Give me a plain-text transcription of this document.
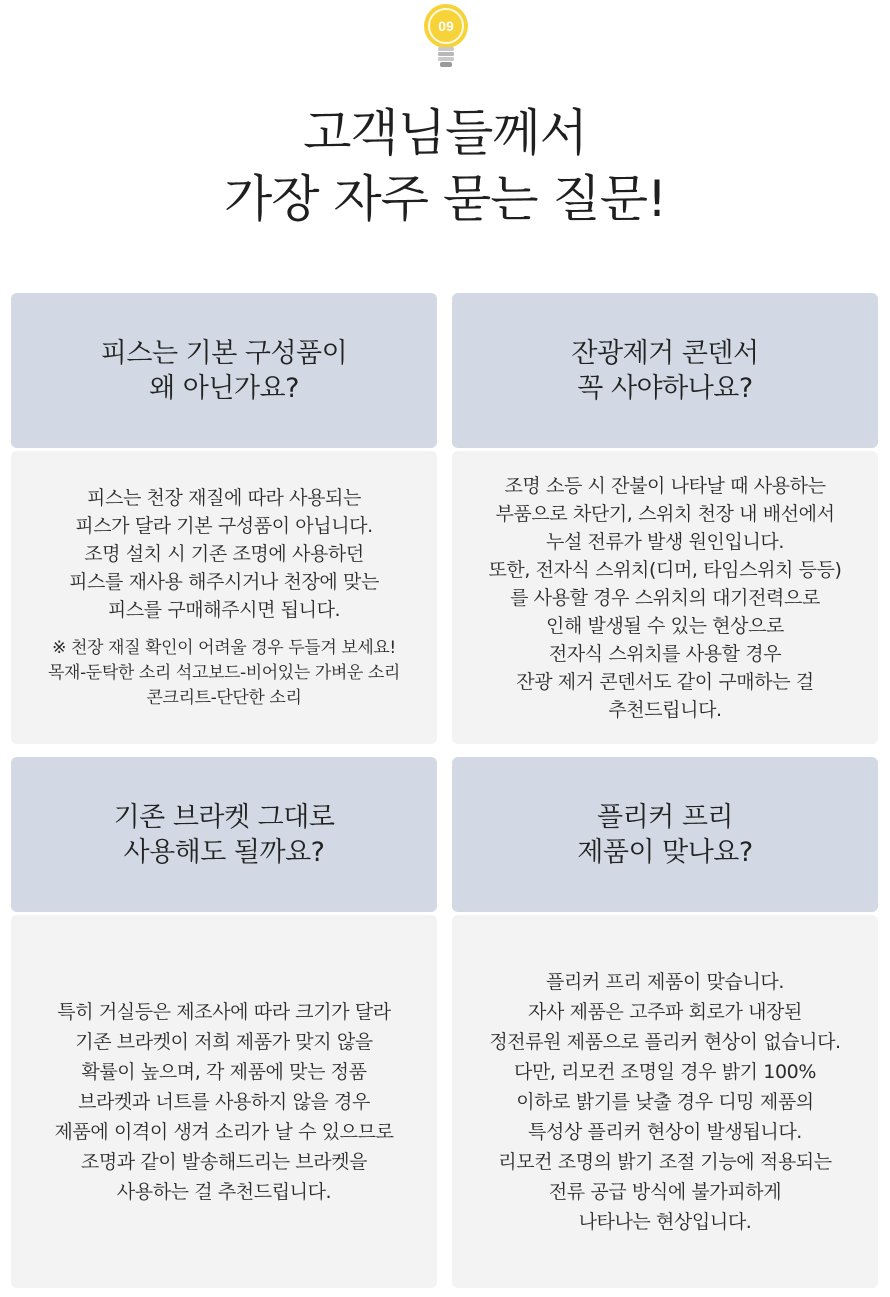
09
고객님들께서
가장 자주 묻는 질문!
피스는 기본 구성품이
왜 아닌가요?
피스는 천장 재질에 따라 사용되는
피스가 달라 기본 구성품이 아닙니다.
조명 설치 시 기존 조명에 사용하던
피스를 재사용 해주시거나 천장에 맞는
피스를 구매해주시면 됩니다.
※ 천장 재질 확인이 어려울 경우 두들겨 보세요!
목재-둔탁한 소리 석고보드-비어있는 가벼운 소리
콘크리트-단단한 소리
잔광제거 콘덴서
꼭 사야하나요?
조명 소등 시 잔불이 나타날 때 사용하는
부품으로 차단기, 스위치 천장 내 배선에서
누설 전류가 발생 원인입니다.
또한, 전자식 스위치(디머, 타임스위치 등등)
를 사용할 경우 스위치의 대기전력으로
인해 발생될 수 있는 현상으로
전자식 스위치를 사용할 경우
잔광 제거 콘덴서도 같이 구매하는 걸
추천드립니다.
기존 브라켓 그대로
사용해도 될까요?
특히 거실등은 제조사에 따라 크기가 달라
기존 브라켓이 저희 제품가 맞지 않을
확률이 높으며, 각 제품에 맞는 정품
브라켓과 너트를 사용하지 않을 경우
제품에 이격이 생겨 소리가 날 수 있으므로
조명과 같이 발송해드리는 브라켓을
사용하는 걸 추천드립니다.
플리커 프리
제품이 맞나요?
플리커 프리 제품이 맞습니다.
자사 제품은 고주파 회로가 내장된
정전류원 제품으로 플리커 현상이 없습니다.
다만, 리모컨 조명일 경우 밝기 100%
이하로 밝기를 낮출 경우 디밍 제품의
특성상 플리커 현상이 발생됩니다.
리모컨 조명의 밝기 조절 기능에 적용되는
전류 공급 방식에 불가피하게
나타나는 현상입니다.
